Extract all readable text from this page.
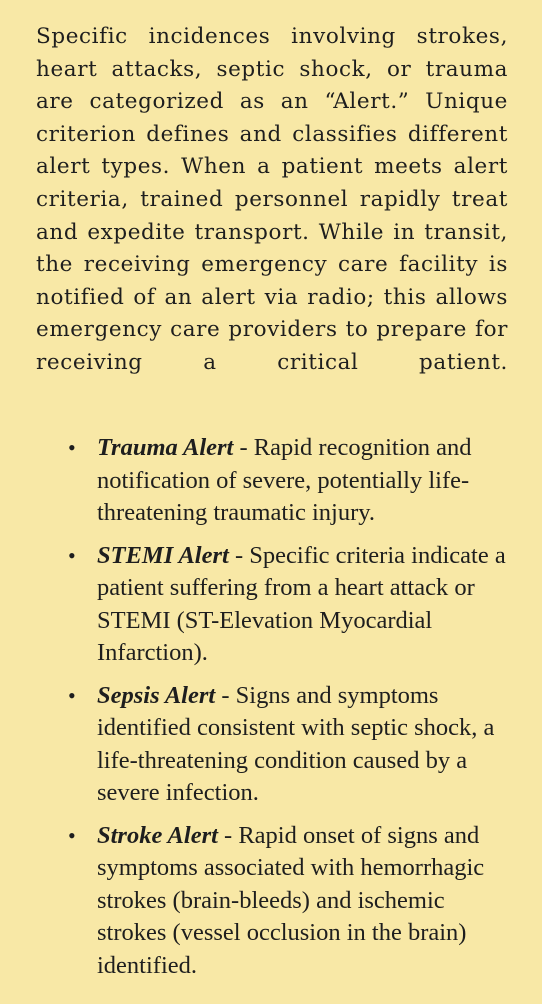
Specific incidences involving strokes, heart attacks, septic shock, or trauma are categorized as an “Alert.” Unique criterion defines and classifies different alert types. When a patient meets alert criteria, trained personnel rapidly treat and expedite transport. While in transit, the receiving emergency care facility is notified of an alert via radio; this allows emergency care providers to prepare for receiving a critical patient.

• Trauma Alert - Rapid recognition and notification of severe, potentially life-threatening traumatic injury.
• STEMI Alert - Specific criteria indicate a patient suffering from a heart attack or STEMI (ST-Elevation Myocardial Infarction).
• Sepsis Alert - Signs and symptoms identified consistent with septic shock, a life-threatening condition caused by a severe infection.
• Stroke Alert - Rapid onset of signs and symptoms associated with hemorrhagic strokes (brain-bleeds) and ischemic strokes (vessel occlusion in the brain) identified.
